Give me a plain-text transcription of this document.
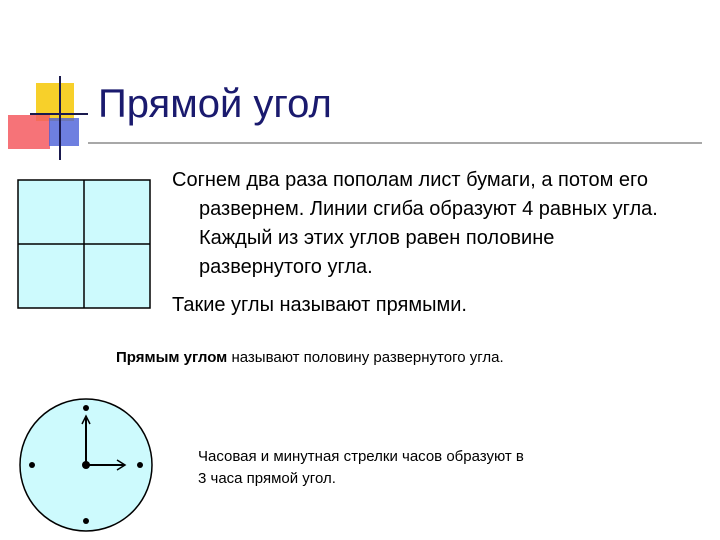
Прямой угол

Согнем два раза пополам лист бумаги, а потом его развернем. Линии сгиба образуют 4 равных угла. Каждый из этих углов равен половине развернутого угла.

Такие углы называют прямыми.

Прямым углом называют половину развернутого угла.
Часовая и минутная стрелки часов образуют в
3 часа прямой угол.
